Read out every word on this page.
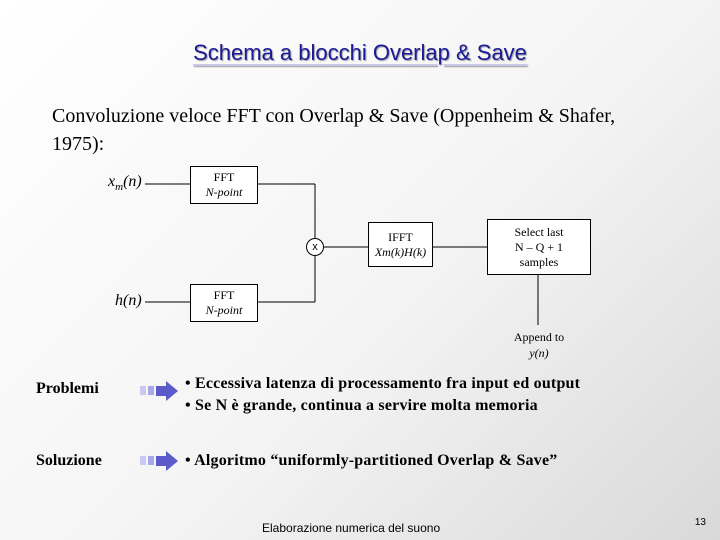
Schema a blocchi Overlap & Save
Convoluzione veloce FFT con Overlap & Save (Oppenheim & Shafer, 1975):
$x_m(n)$
h(n)
FFT
N-point
FFT
N-point
x
IFFT
Xm(k)H(k)
Select last
N – Q + 1
samples
Append to
y(n)
Problemi	• Eccessiva latenza di processamento fra input ed output
• Se N è grande, continua a servire molta memoria
Soluzione	• Algoritmo “uniformly-partitioned Overlap & Save”
Elaborazione numerica del suono	13
